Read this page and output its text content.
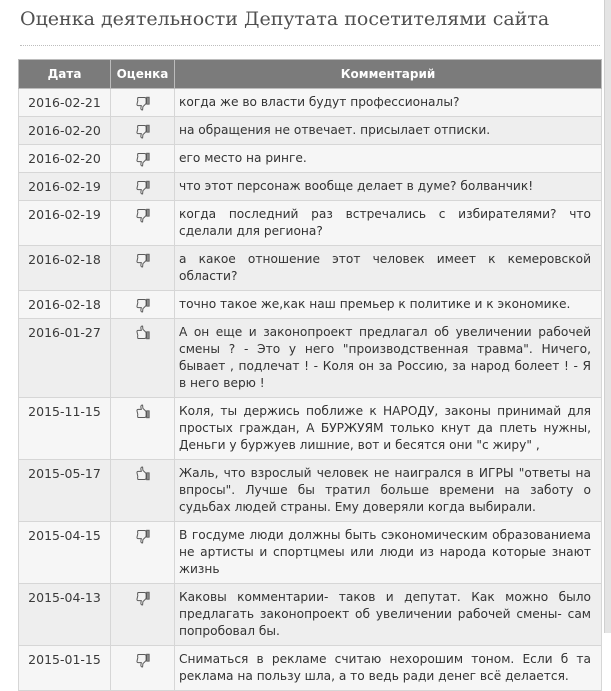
Оценка деятельности Депутата посетителями сайта
Дата	Оценка	Комментарий
2016-02-21		когда же во власти будут профессионалы?
2016-02-20		на обращения не отвечает. присылает отписки.
2016-02-20		его место на ринге.
2016-02-19		что этот персонаж вообще делает в думе? болванчик!
2016-02-19		когда последний раз встречались с избирателями? что сделали для региона?
2016-02-18		а какое отношение этот человек имеет к кемеровской области?
2016-02-18		точно такое же,как наш премьер к политике и к экономике.
2016-01-27		А он еще и законопроект предлагал об увеличении рабочей смены ? - Это у него "производственная травма". Ничего, бывает , подлечат ! - Коля он за Россию, за народ болеет ! - Я в него верю !
2015-11-15		Коля, ты держись поближе к НАРОДУ, законы принимай для простых граждан, А БУРЖУЯМ только кнут да плеть нужны, Деньги у буржуев лишние, вот и бесятся они "с жиру" ,
2015-05-17		Жаль, что взрослый человек не наигрался в ИГРЫ "ответы на впросы". Лучше бы тратил больше времени на заботу о судьбах людей страны. Ему доверяли когда выбирали.
2015-04-15		В госдуме люди должны быть сэкономическим образованиема не артисты и спортцмеы или люди из народа которые знают жизнь
2015-04-13		Каковы комментарии- таков и депутат. Как можно было предлагать законопроект об увеличении рабочей смены- сам попробовал бы.
2015-01-15		Сниматься в рекламе считаю нехорошим тоном. Если б та реклама на пользу шла, а то ведь ради денег всё делается.
